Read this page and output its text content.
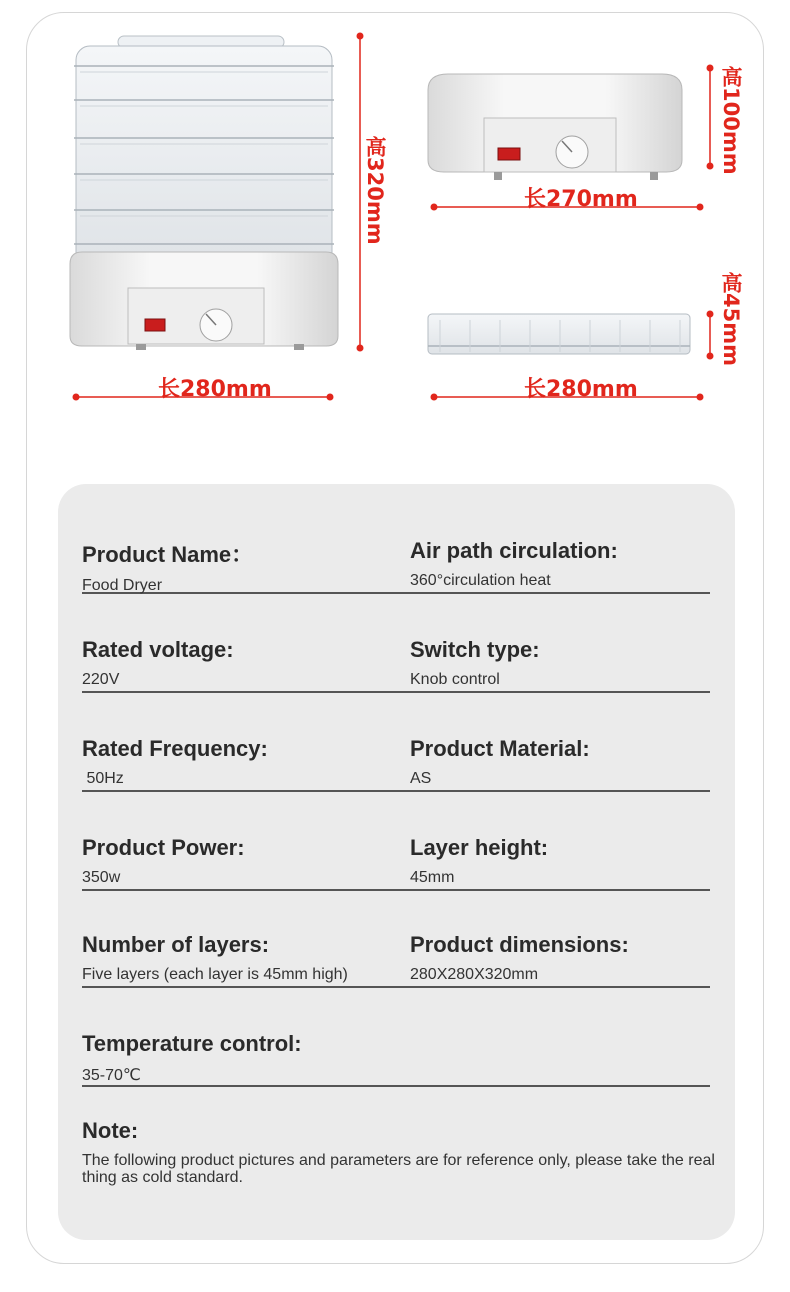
高320mm
长280mm
高100mm
长270mm
高45mm
长280mm
Product Name：
Food Dryer
Air path circulation:
360°circulation heat
Rated voltage:
220V
Switch type:
Knob control
Rated Frequency:
50Hz
Product Material:
AS
Product Power:
350w
Layer height:
45mm
Number of layers:
Five layers (each layer is 45mm high)
Product dimensions:
280X280X320mm
Temperature control:
35-70℃
Note:
The following product pictures and parameters are for reference only, please take the real thing as cold standard.
